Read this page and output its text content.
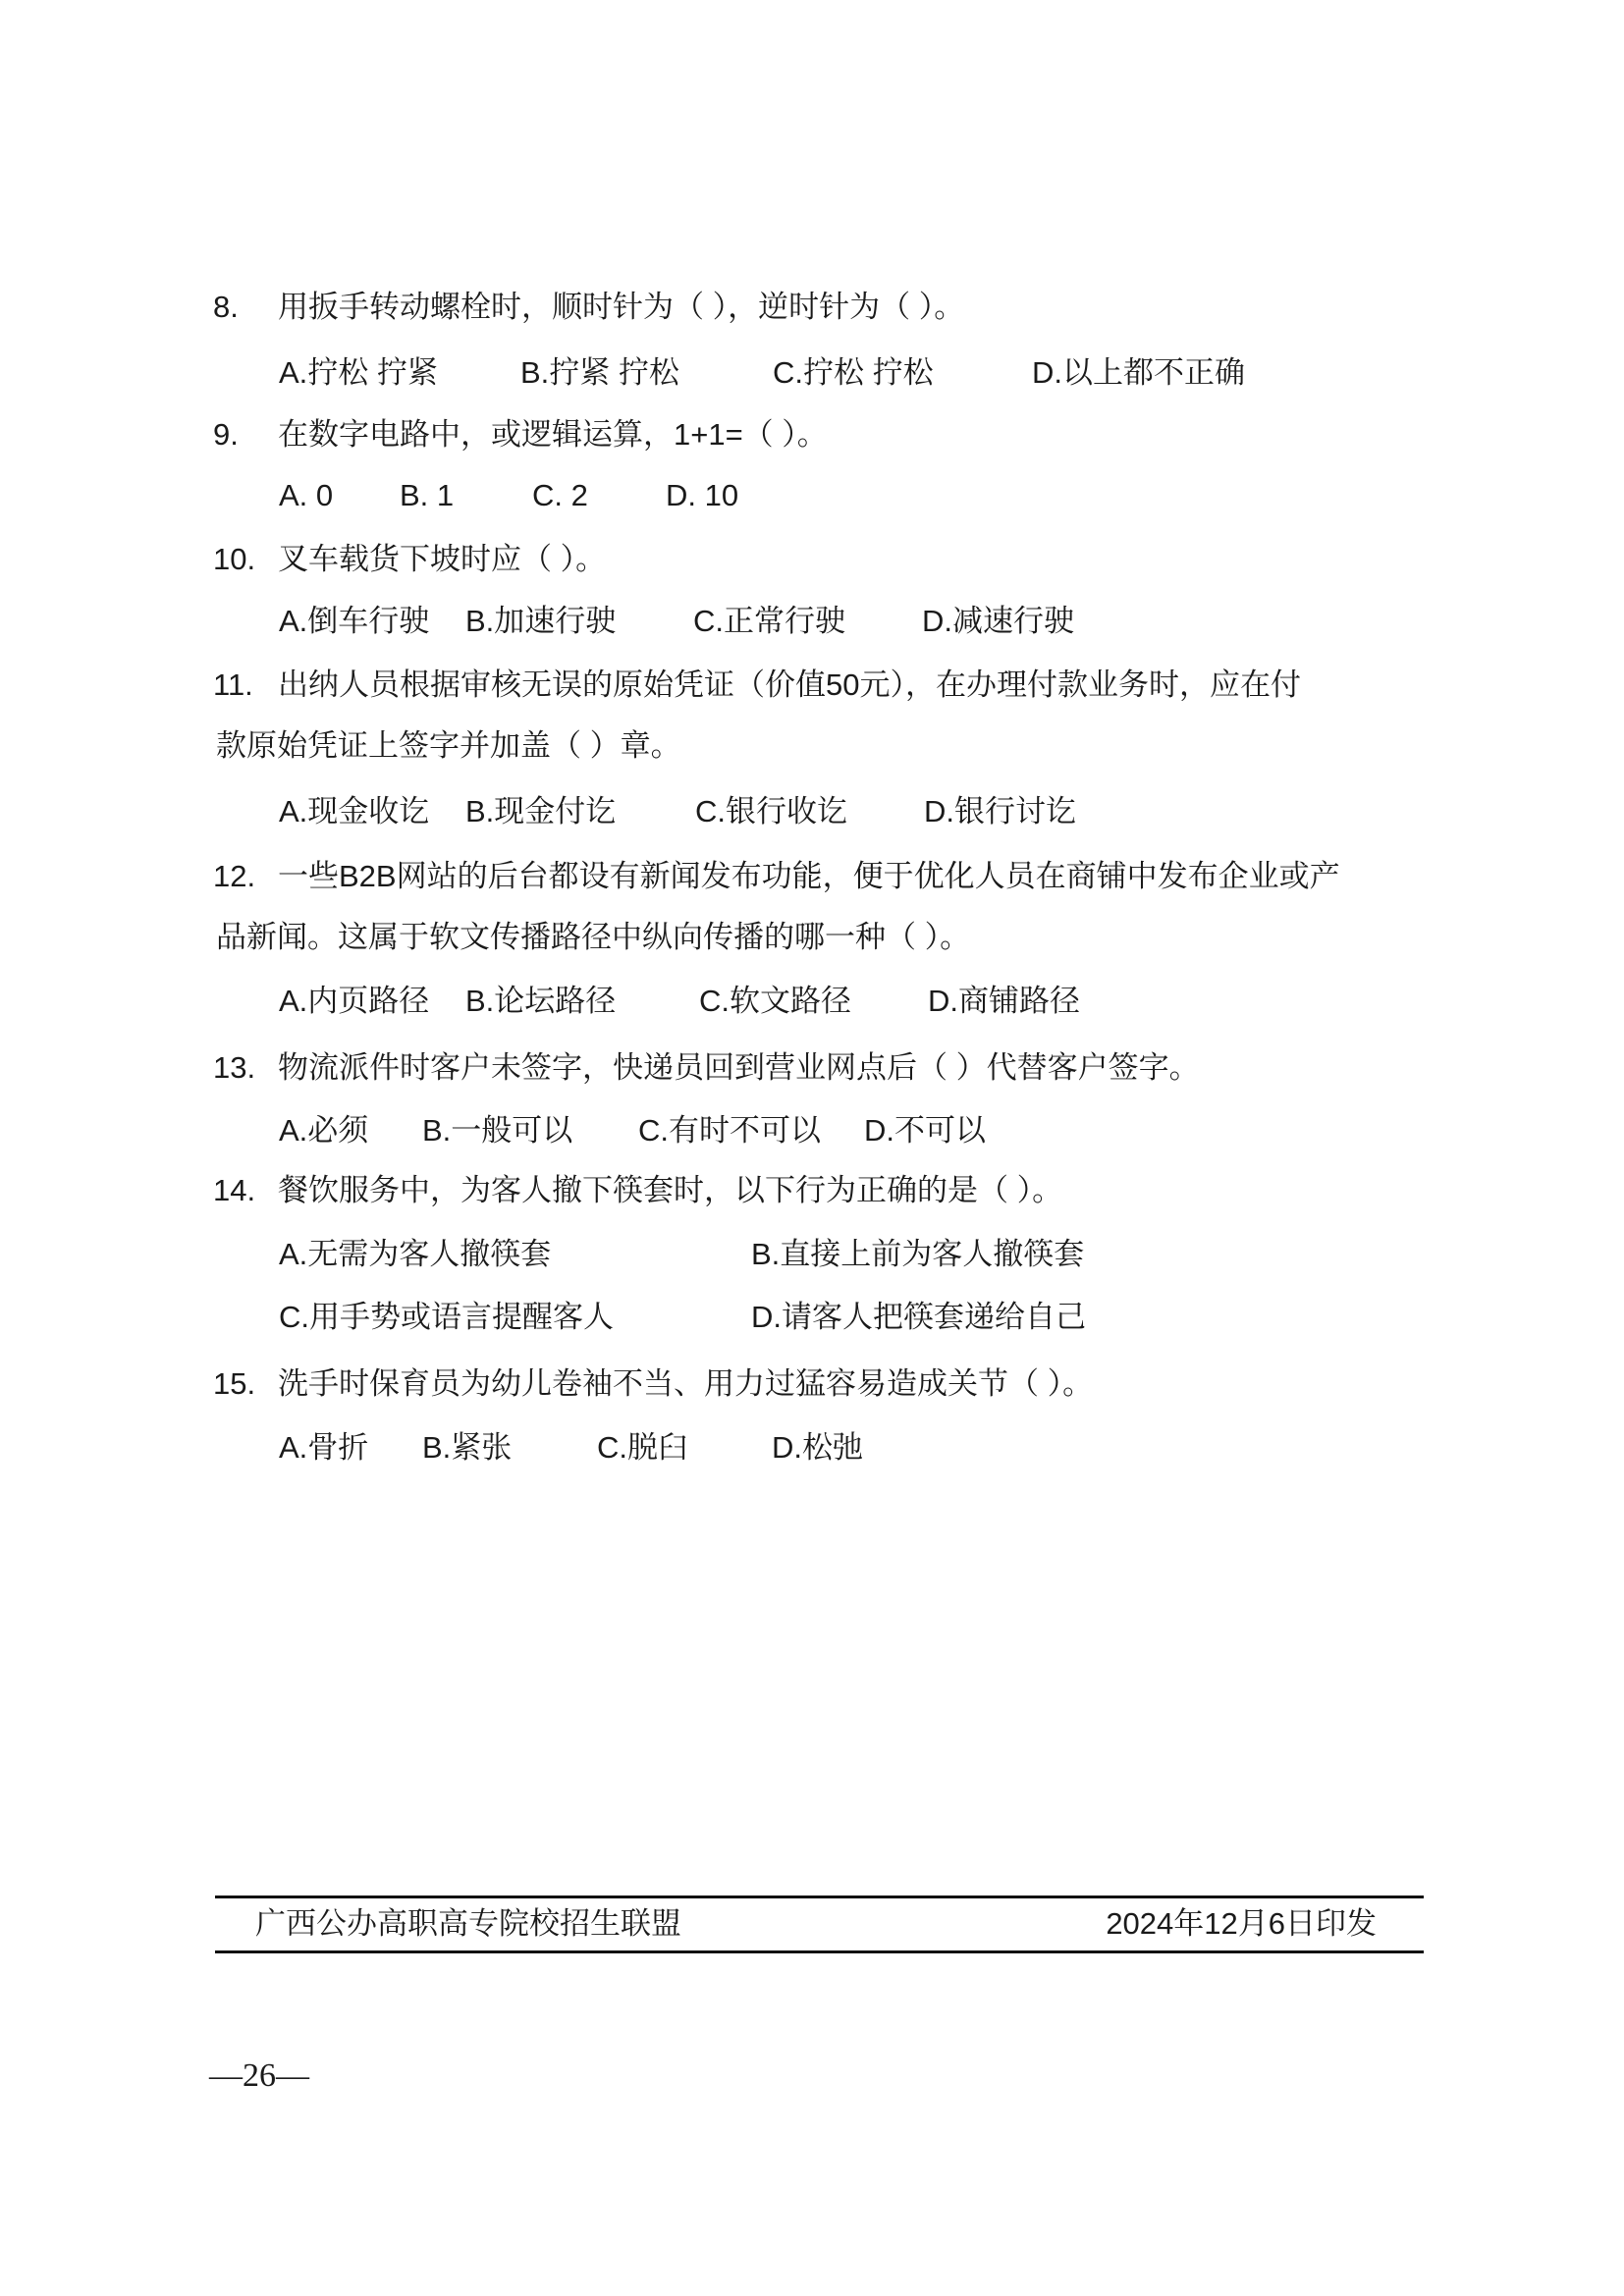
8. 用扳手转动螺栓时，顺时针为（ ），逆时针为（ ）。
A.拧松 拧紧	B.拧紧 拧松	C.拧松 拧松	D.以上都不正确
9. 在数字电路中，或逻辑运算，1+1=（ ）。
A. 0 B. 1	C. 2	D. 10
10. 叉车载货下坡时应（ ）。
A.倒车行驶 B.加速行驶	C.正常行驶	D.减速行驶
11. 出纳人员根据审核无误的原始凭证（价值50元），在办理付款业务时，应在付
款原始凭证上签字并加盖（ ）章。
A.现金收讫 B.现金付讫	C.银行收讫	D.银行讨讫
12. 一些B2B网站的后台都设有新闻发布功能，便于优化人员在商铺中发布企业或产
品新闻。这属于软文传播路径中纵向传播的哪一种（ ）。
A.内页路径 B.论坛路径	C.软文路径	D.商铺路径
13. 物流派件时客户未签字，快递员回到营业网点后（ ）代替客户签字。
A.必须 B.一般可以 C.有时不可以 D.不可以
14. 餐饮服务中，为客人撤下筷套时，以下行为正确的是（ ）。
A.无需为客人撤筷套	B.直接上前为客人撤筷套
C.用手势或语言提醒客人	D.请客人把筷套递给自己
15. 洗手时保育员为幼儿卷袖不当、用力过猛容易造成关节（ ）。
A.骨折 B.紧张	C.脱臼	D.松弛
广西公办高职高专院校招生联盟	2024年12月6日印发
—26—
